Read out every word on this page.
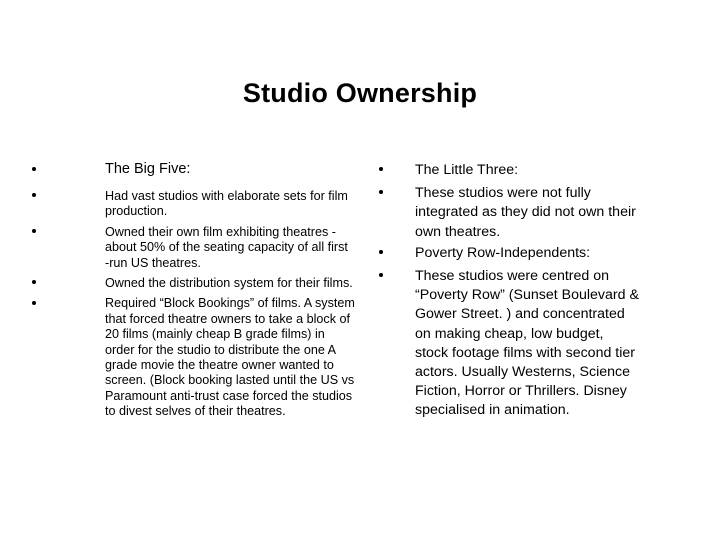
Studio Ownership
The Big Five:
Had vast studios with elaborate sets for film production.
Owned their own film exhibiting theatres - about 50% of the seating capacity of all first -run US theatres.
Owned the distribution system for their films.
Required “Block Bookings” of films. A system that forced theatre owners to take a block of 20 films (mainly cheap B grade films) in order for the studio to distribute the one A grade movie the theatre owner wanted to screen. (Block booking lasted until the US vs Paramount anti-trust case forced the studios to divest selves of their theatres.
The Little Three:
These studios were not fully integrated as they did not own their own theatres.
Poverty Row-Independents:
These studios were centred on “Poverty Row” (Sunset Boulevard & Gower Street. ) and concentrated on making cheap, low budget, stock footage films with second tier actors. Usually Westerns, Science Fiction, Horror or Thrillers. Disney specialised in animation.
